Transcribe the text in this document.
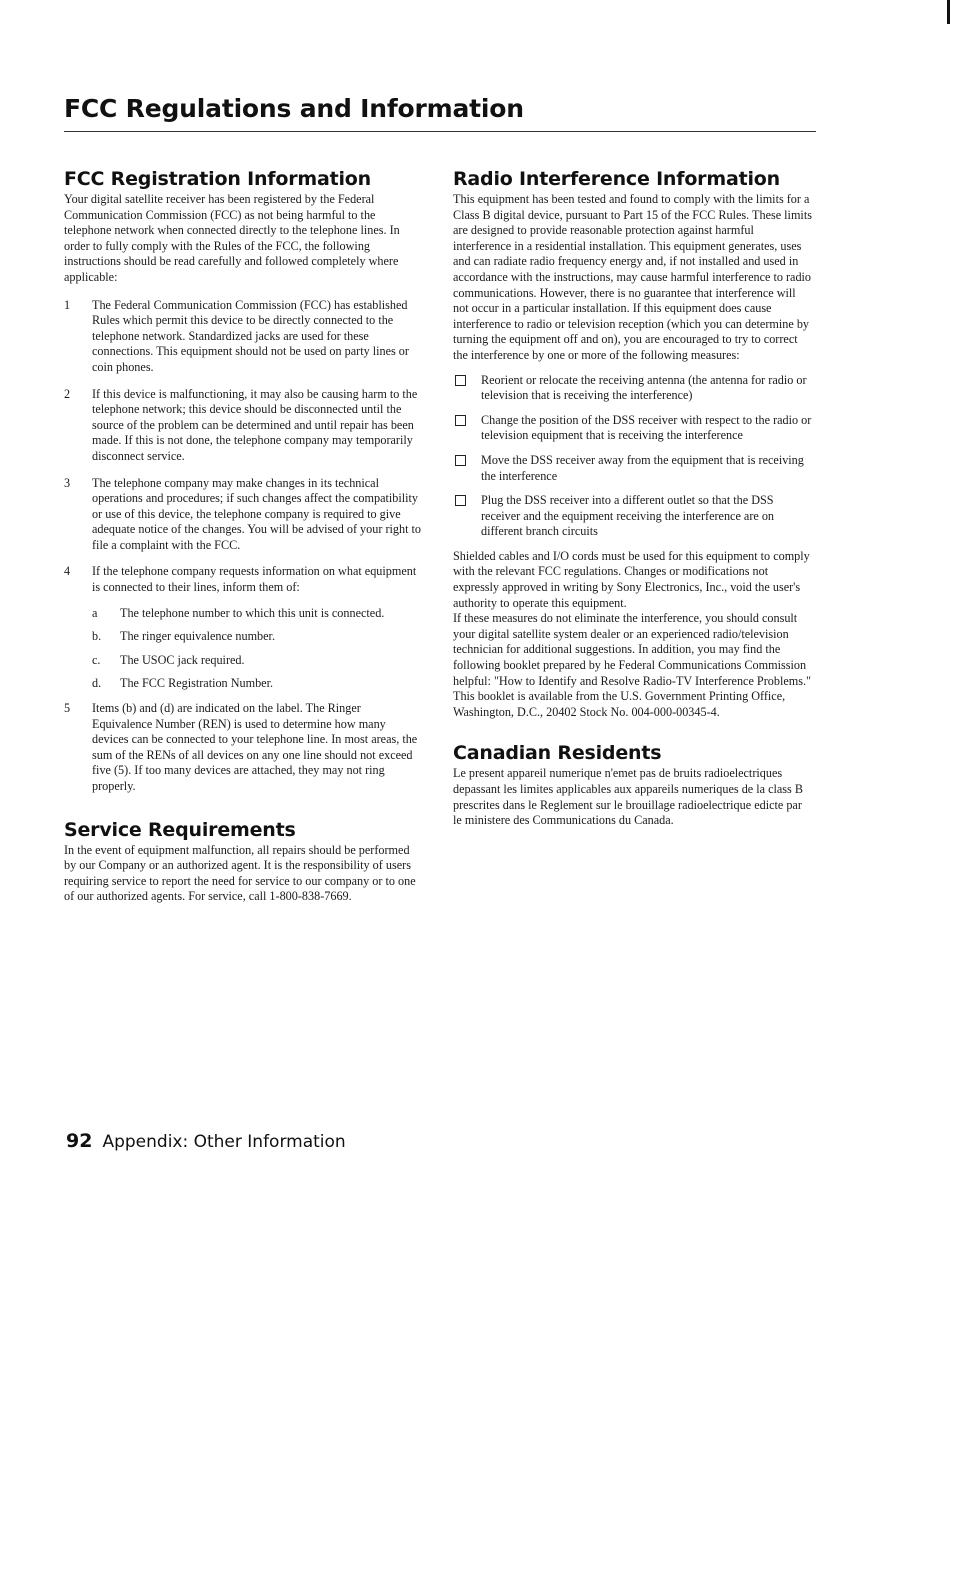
FCC Regulations and Information
FCC Registration Information

Your digital satellite receiver has been registered by the Federal Communication Commission (FCC) as not being harmful to the telephone network when connected directly to the telephone lines. In order to fully comply with the Rules of the FCC, the following instructions should be read carefully and followed completely where applicable:

1 The Federal Communication Commission (FCC) has established Rules which permit this device to be directly connected to the telephone network. Standardized jacks are used for these connections. This equipment should not be used on party lines or coin phones.
2 If this device is malfunctioning, it may also be causing harm to the telephone network; this device should be disconnected until the source of the problem can be determined and until repair has been made. If this is not done, the telephone company may temporarily disconnect service.
3 The telephone company may make changes in its technical operations and procedures; if such changes affect the compatibility or use of this device, the telephone company is required to give adequate notice of the changes. You will be advised of your right to file a complaint with the FCC.
4 If the telephone company requests information on what equipment is connected to their lines, inform them of:
a The telephone number to which this unit is connected.
b. The ringer equivalence number.
c. The USOC jack required.
d. The FCC Registration Number.
5 Items (b) and (d) are indicated on the label. The Ringer Equivalence Number (REN) is used to determine how many devices can be connected to your telephone line. In most areas, the sum of the RENs of all devices on any one line should not exceed five (5). If too many devices are attached, they may not ring properly.
Service Requirements

In the event of equipment malfunction, all repairs should be performed by our Company or an authorized agent. It is the responsibility of users requiring service to report the need for service to our company or to one of our authorized agents. For service, call 1-800-838-7669.

Radio Interference Information

This equipment has been tested and found to comply with the limits for a Class B digital device, pursuant to Part 15 of the FCC Rules. These limits are designed to provide reasonable protection against harmful interference in a residential installation. This equipment generates, uses and can radiate radio frequency energy and, if not installed and used in accordance with the instructions, may cause harmful interference to radio communications. However, there is no guarantee that interference will not occur in a particular installation. If this equipment does cause interference to radio or television reception (which you can determine by turning the equipment off and on), you are encouraged to try to correct the interference by one or more of the following measures:

Reorient or relocate the receiving antenna (the antenna for radio or television that is receiving the interference)
Change the position of the DSS receiver with respect to the radio or television equipment that is receiving the interference
Move the DSS receiver away from the equipment that is receiving the interference
Plug the DSS receiver into a different outlet so that the DSS receiver and the equipment receiving the interference are on different branch circuits

Shielded cables and I/O cords must be used for this equipment to comply with the relevant FCC regulations. Changes or modifications not expressly approved in writing by Sony Electronics, Inc., void the user's authority to operate this equipment.

If these measures do not eliminate the interference, you should consult your digital satellite system dealer or an experienced radio/television technician for additional suggestions. In addition, you may find the following booklet prepared by he Federal Communications Commission helpful: "How to Identify and Resolve Radio-TV Interference Problems." This booklet is available from the U.S. Government Printing Office, Washington, D.C., 20402 Stock No. 004-000-00345-4.

Canadian Residents

Le present appareil numerique n'emet pas de bruits radioelectriques depassant les limites applicables aux appareils numeriques de la class B prescrites dans le Reglement sur le brouillage radioelectrique edicte par le ministere des Communications du Canada.

92 Appendix: Other Information
